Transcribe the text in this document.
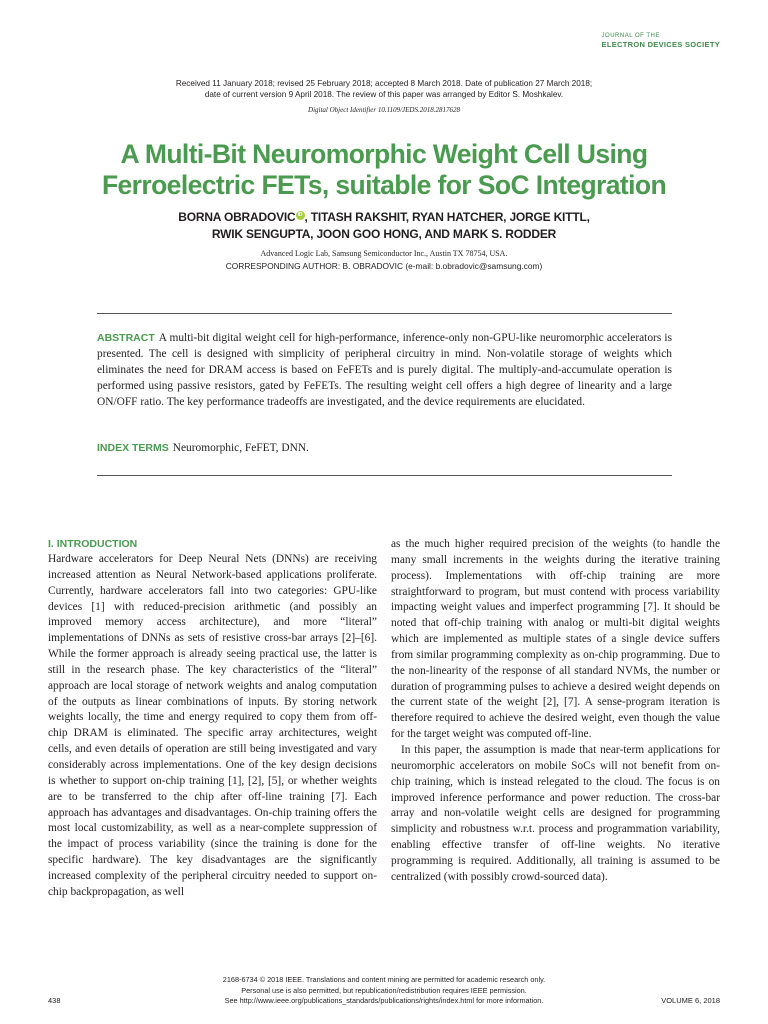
JOURNAL OF THE
ELECTRON DEVICES SOCIETY
Received 11 January 2018; revised 25 February 2018; accepted 8 March 2018. Date of publication 27 March 2018;
date of current version 9 April 2018. The review of this paper was arranged by Editor S. Moshkalev.
Digital Object Identifier 10.1109/JEDS.2018.2817628
A Multi-Bit Neuromorphic Weight Cell Using
Ferroelectric FETs, suitable for SoC Integration
BORNA OBRADOVIC iD , TITASH RAKSHIT, RYAN HATCHER, JORGE KITTL,
RWIK SENGUPTA, JOON GOO HONG, AND MARK S. RODDER
Advanced Logic Lab, Samsung Semiconductor Inc., Austin TX 78754, USA.
CORRESPONDING AUTHOR: B. OBRADOVIC (e-mail: b.obradovic@samsung.com)
ABSTRACT A multi-bit digital weight cell for high-performance, inference-only non-GPU-like neuromorphic accelerators is presented. The cell is designed with simplicity of peripheral circuitry in mind. Non-volatile storage of weights which eliminates the need for DRAM access is based on FeFETs and is purely digital. The multiply-and-accumulate operation is performed using passive resistors, gated by FeFETs. The resulting weight cell offers a high degree of linearity and a large ON/OFF ratio. The key performance tradeoffs are investigated, and the device requirements are elucidated.
INDEX TERMS Neuromorphic, FeFET, DNN.
I. INTRODUCTION

Hardware accelerators for Deep Neural Nets (DNNs) are receiving increased attention as Neural Network-based applications proliferate. Currently, hardware accelerators fall into two categories: GPU-like devices [1] with reduced-precision arithmetic (and possibly an improved memory access architecture), and more “literal” implementations of DNNs as sets of resistive cross-bar arrays [2]–[6]. While the former approach is already seeing practical use, the latter is still in the research phase. The key characteristics of the “literal” approach are local storage of network weights and analog computation of the outputs as linear combinations of inputs. By storing network weights locally, the time and energy required to copy them from off-chip DRAM is eliminated. The specific array architectures, weight cells, and even details of operation are still being investigated and vary considerably across implementations. One of the key design decisions is whether to support on-chip training [1], [2], [5], or whether weights are to be transferred to the chip after off-line training [7]. Each approach has advantages and disadvantages. On-chip training offers the most local customizability, as well as a near-complete suppression of the impact of process variability (since the training is done for the specific hardware). The key disadvantages are the significantly increased complexity of the peripheral circuitry needed to support on-chip backpropagation, as well

as the much higher required precision of the weights (to handle the many small increments in the weights during the iterative training process). Implementations with off-chip training are more straightforward to program, but must contend with process variability impacting weight values and imperfect programming [7]. It should be noted that off-chip training with analog or multi-bit digital weights which are implemented as multiple states of a single device suffers from similar programming complexity as on-chip programming. Due to the non-linearity of the response of all standard NVMs, the number or duration of programming pulses to achieve a desired weight depends on the current state of the weight [2], [7]. A sense-program iteration is therefore required to achieve the desired weight, even though the value for the target weight was computed off-line.

In this paper, the assumption is made that near-term applications for neuromorphic accelerators on mobile SoCs will not benefit from on-chip training, which is instead relegated to the cloud. The focus is on improved inference performance and power reduction. The cross-bar array and non-volatile weight cells are designed for programming simplicity and robustness w.r.t. process and programmation variability, enabling effective transfer of off-line weights. No iterative programming is required. Additionally, all training is assumed to be centralized (with possibly crowd-sourced data).

2168-6734 © 2018 IEEE. Translations and content mining are permitted for academic research only.
Personal use is also permitted, but republication/redistribution requires IEEE permission.
See http://www.ieee.org/publications_standards/publications/rights/index.html for more information.
438	VOLUME 6, 2018
